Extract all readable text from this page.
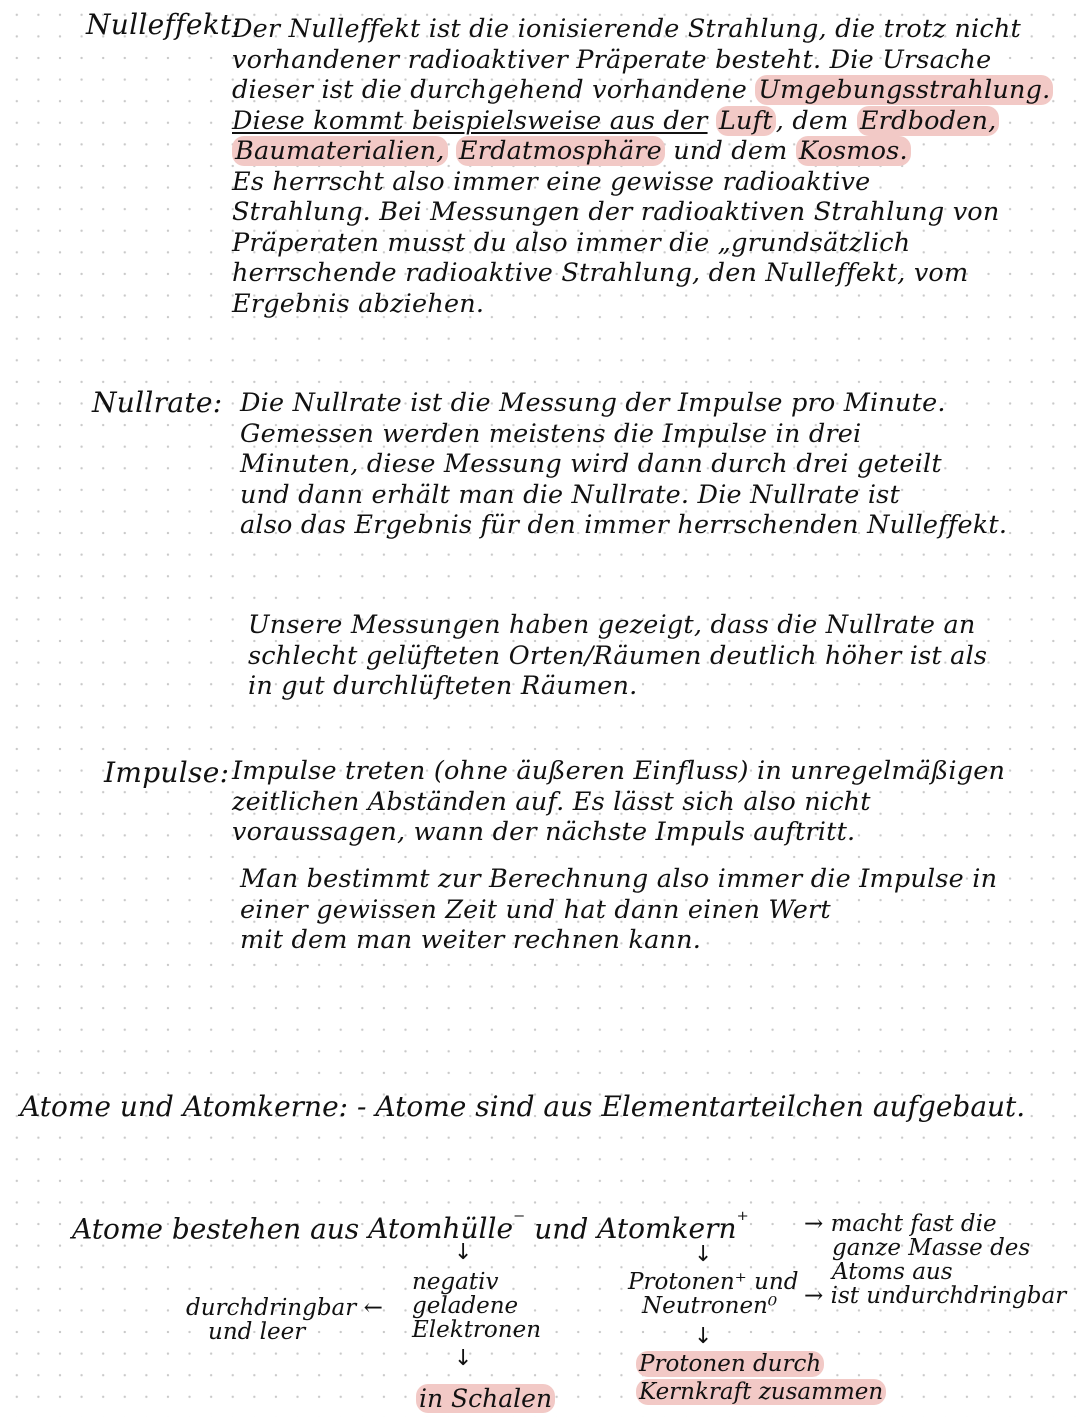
Nulleffekt:
Der Nulleffekt ist die ionisierende Strahlung, die trotz nicht
vorhandener radioaktiver Präperate besteht. Die Ursache
dieser ist die durchgehend vorhandene Umgebungsstrahlung.
Diese kommt beispielsweise aus der Luft , dem Erdboden,
Baumaterialien, Erdatmosphäre und dem Kosmos.
Es herrscht also immer eine gewisse radioaktive
Strahlung. Bei Messungen der radioaktiven Strahlung von
Präperaten musst du also immer die „grundsätzlich
herrschende radioaktive Strahlung, den Nulleffekt, vom
Ergebnis abziehen.
Nullrate: Die Nullrate ist die Messung der Impulse pro Minute.
Gemessen werden meistens die Impulse in drei
Minuten, diese Messung wird dann durch drei geteilt
und dann erhält man die Nullrate. Die Nullrate ist
also das Ergebnis für den immer herrschenden Nulleffekt.
Unsere Messungen haben gezeigt, dass die Nullrate an
schlecht gelüfteten Orten/Räumen deutlich höher ist als
in gut durchlüfteten Räumen.
Impulse: Impulse treten (ohne äußeren Einfluss) in unregelmäßigen
zeitlichen Abständen auf. Es lässt sich also nicht
voraussagen, wann der nächste Impuls auftritt.
Man bestimmt zur Berechnung also immer die Impulse in
einer gewissen Zeit und hat dann einen Wert
mit dem man weiter rechnen kann.
Atome und Atomkerne: - Atome sind aus Elementarteilchen aufgebaut.
Atome bestehen aus Atomhülle⁻ und Atomkern⁺ → macht fast die
ganze Masse des
Atoms aus
→ ist undurchdringbar
↓	↓
durchdringbar ←
und leer
negativ
geladene
Elektronen
Protonen⁺ und
Neutronen⁰
↓
↓
in Schalen
Protonen durch
Kernkraft zusammen
